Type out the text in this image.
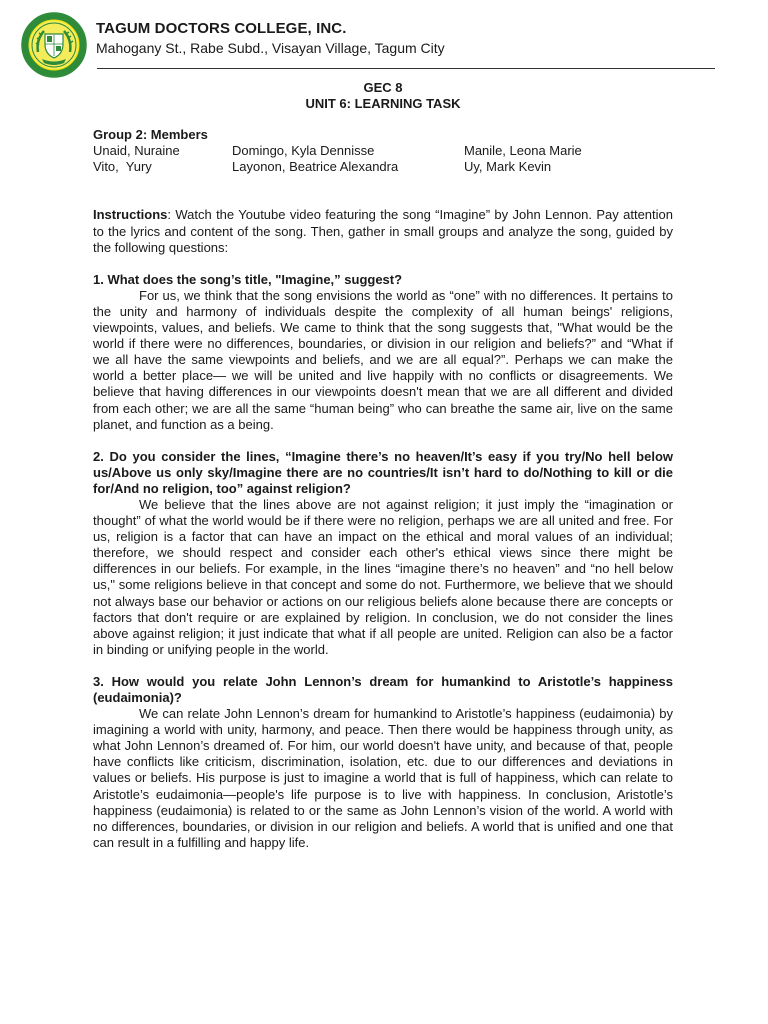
TAGUM DOCTORS COLLEGE, INC.
Mahogany St., Rabe Subd., Visayan Village, Tagum City
GEC 8
UNIT 6: LEARNING TASK
Group 2: Members
Unaid, Nuraine	Domingo, Kyla Dennisse	Manile, Leona Marie
Vito,  Yury	Layonon, Beatrice Alexandra	Uy, Mark Kevin
Instructions: Watch the Youtube video featuring the song “Imagine” by John Lennon. Pay attention to the lyrics and content of the song. Then, gather in small groups and analyze the song, guided by the following questions:
1. What does the song’s title, "Imagine,” suggest?

For us, we think that the song envisions the world as “one” with no differences. It pertains to the unity and harmony of individuals despite the complexity of all human beings' religions, viewpoints, values, and beliefs. We came to think that the song suggests that, "What would be the world if there were no differences, boundaries, or division in our religion and beliefs?” and “What if we all have the same viewpoints and beliefs, and we are all equal?”. Perhaps we can make the world a better place— we will be united and live happily with no conflicts or disagreements. We believe that having differences in our viewpoints doesn't mean that we are all different and divided from each other; we are all the same “human being” who can breathe the same air, live on the same planet, and function as a being.

2. Do you consider the lines, “Imagine there’s no heaven/It’s easy if you try/No hell below us/Above us only sky/Imagine there are no countries/It isn’t hard to do/Nothing to kill or die for/And no religion, too” against religion?

We believe that the lines above are not against religion; it just imply the “imagination or thought” of what the world would be if there were no religion, perhaps we are all united and free. For us, religion is a factor that can have an impact on the ethical and moral values of an individual; therefore, we should respect and consider each other's ethical views since there might be differences in our beliefs. For example, in the lines “imagine there’s no heaven” and “no hell below us," some religions believe in that concept and some do not. Furthermore, we believe that we should not always base our behavior or actions on our religious beliefs alone because there are concepts or factors that don't require or are explained by religion. In conclusion, we do not consider the lines above against religion; it just indicate that what if all people are united. Religion can also be a factor in binding or unifying people in the world.

3. How would you relate John Lennon’s dream for humankind to Aristotle’s happiness (eudaimonia)?

We can relate John Lennon’s dream for humankind to Aristotle’s happiness (eudaimonia) by imagining a world with unity, harmony, and peace. Then there would be happiness through unity, as what John Lennon’s dreamed of. For him, our world doesn't have unity, and because of that, people have conflicts like criticism, discrimination, isolation, etc. due to our differences and deviations in values or beliefs. His purpose is just to imagine a world that is full of happiness, which can relate to Aristotle’s eudaimonia—people's life purpose is to live with happiness. In conclusion, Aristotle’s happiness (eudaimonia) is related to or the same as John Lennon’s vision of the world. A world with no differences, boundaries, or division in our religion and beliefs. A world that is unified and one that can result in a fulfilling and happy life.
